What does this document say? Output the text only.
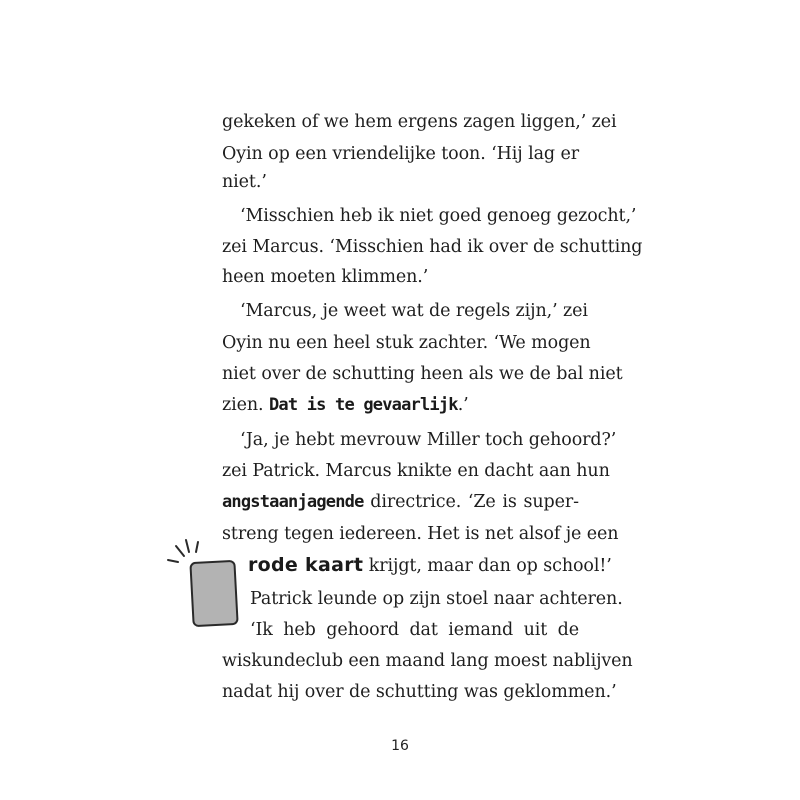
gekeken of we hem ergens zagen liggen,’ zei
Oyin op een vriendelijke toon. ‘Hij lag er
niet.’
‘Misschien heb ik niet goed genoeg gezocht,’
zei Marcus. ‘Misschien had ik over de schutting
heen moeten klimmen.’
‘Marcus, je weet wat de regels zijn,’ zei
Oyin nu een heel stuk zachter. ‘We mogen
niet over de schutting heen als we de bal niet
zien. Dat is te gevaarlijk.’
‘Ja, je hebt mevrouw Miller toch gehoord?’
zei Patrick. Marcus knikte en dacht aan hun
angstaanjagende directrice. ‘Ze is super-
streng tegen iedereen. Het is net alsof je een
rode kaart krijgt, maar dan op school!’
Patrick leunde op zijn stoel naar achteren.
‘Ik heb gehoord dat iemand uit de
wiskundeclub een maand lang moest nablijven
nadat hij over de schutting was geklommen.’
16
